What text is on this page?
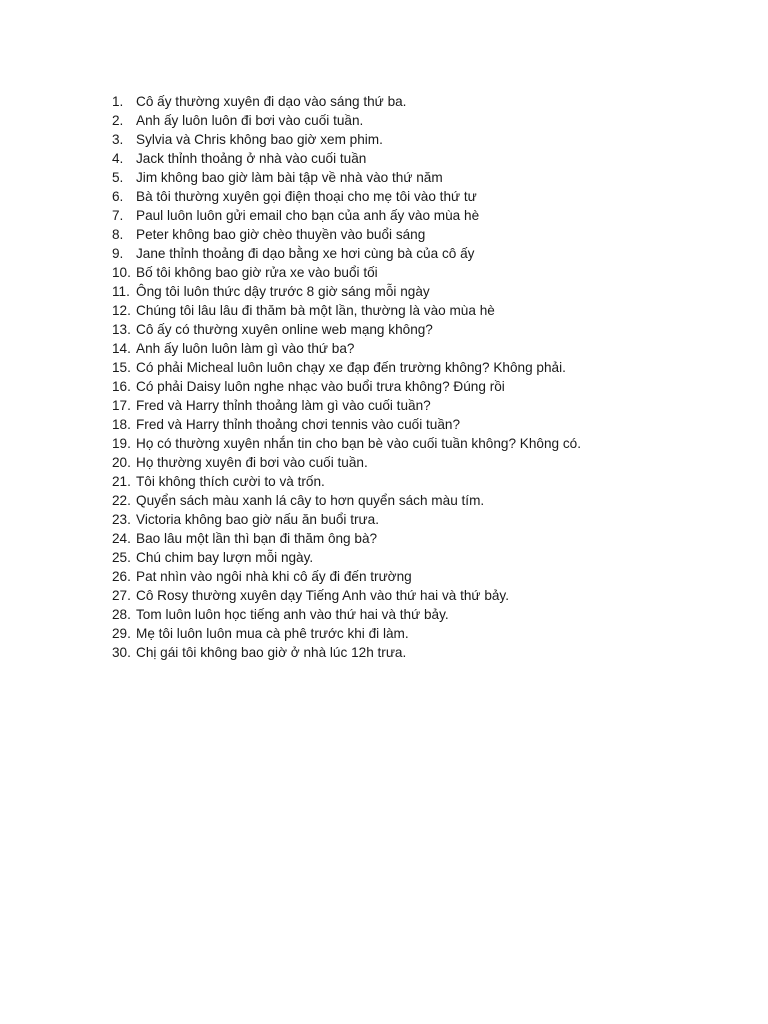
1. Cô ấy thường xuyên đi dạo vào sáng thứ ba.
2. Anh ấy luôn luôn đi bơi vào cuối tuần.
3. Sylvia và Chris không bao giờ xem phim.
4. Jack thỉnh thoảng ở nhà vào cuối tuần
5. Jim không bao giờ làm bài tập về nhà vào thứ năm
6. Bà tôi thường xuyên gọi điện thoại cho mẹ tôi vào thứ tư
7. Paul luôn luôn gửi email cho bạn của anh ấy vào mùa hè
8. Peter không bao giờ chèo thuyền vào buổi sáng
9. Jane thỉnh thoảng đi dạo bằng xe hơi cùng bà của cô ấy
10. Bố tôi không bao giờ rửa xe vào buổi tối
11. Ông tôi luôn thức dậy trước 8 giờ sáng mỗi ngày
12. Chúng tôi lâu lâu đi thăm bà một lần, thường là vào mùa hè
13. Cô ấy có thường xuyên online web mạng không?
14. Anh ấy luôn luôn làm gì vào thứ ba?
15. Có phải Micheal luôn luôn chạy xe đạp đến trường không? Không phải.
16. Có phải Daisy luôn nghe nhạc vào buổi trưa không? Đúng rồi
17. Fred và Harry thỉnh thoảng làm gì vào cuối tuần?
18. Fred và Harry thỉnh thoảng chơi tennis vào cuối tuần?
19. Họ có thường xuyên nhắn tin cho bạn bè vào cuối tuần không? Không có.
20. Họ thường xuyên đi bơi vào cuối tuần.
21. Tôi không thích cười to và trốn.
22. Quyển sách màu xanh lá cây to hơn quyển sách màu tím.
23. Victoria không bao giờ nấu ăn buổi trưa.
24. Bao lâu một lần thì bạn đi thăm ông bà?
25. Chú chim bay lượn mỗi ngày.
26. Pat nhìn vào ngôi nhà khi cô ấy đi đến trường
27. Cô Rosy thường xuyên dạy Tiếng Anh vào thứ hai và thứ bảy.
28. Tom luôn luôn học tiếng anh vào thứ hai và thứ bảy.
29. Mẹ tôi luôn luôn mua cà phê trước khi đi làm.
30. Chị gái tôi không bao giờ ở nhà lúc 12h trưa.
